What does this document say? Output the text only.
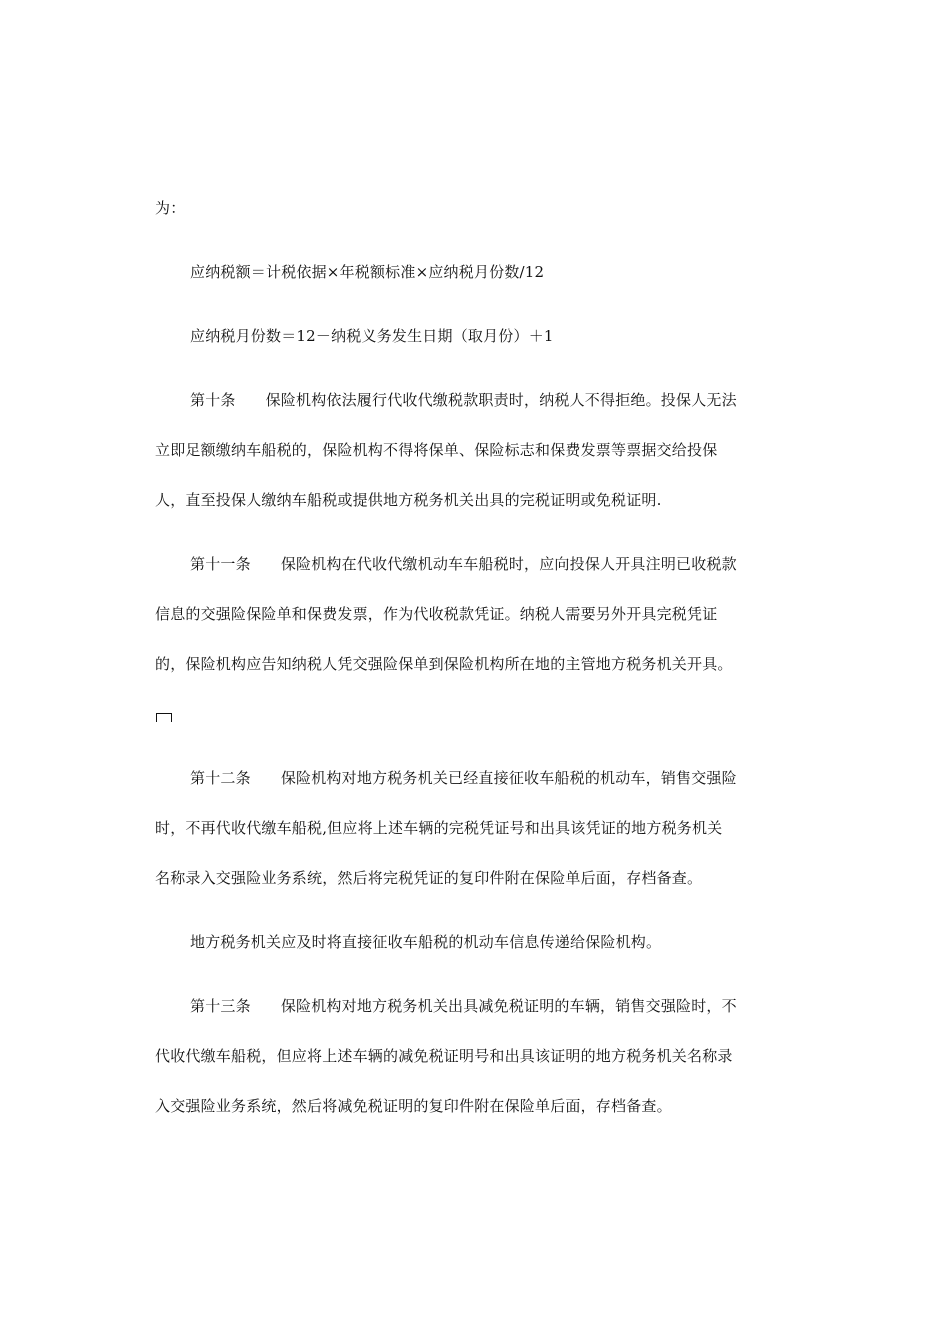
为：
应纳税额＝计税依据×年税额标准×应纳税月份数/12
应纳税月份数＝12－纳税义务发生日期（取月份）＋1
第十条 保险机构依法履行代收代缴税款职责时，纳税人不得拒绝。投保人无法
立即足额缴纳车船税的，保险机构不得将保单、保险标志和保费发票等票据交给投保
人，直至投保人缴纳车船税或提供地方税务机关出具的完税证明或免税证明.
第十一条 保险机构在代收代缴机动车车船税时，应向投保人开具注明已收税款
信息的交强险保险单和保费发票，作为代收税款凭证。纳税人需要另外开具完税凭证
的，保险机构应告知纳税人凭交强险保单到保险机构所在地的主管地方税务机关开具。
第十二条 保险机构对地方税务机关已经直接征收车船税的机动车，销售交强险
时，不再代收代缴车船税,但应将上述车辆的完税凭证号和出具该凭证的地方税务机关
名称录入交强险业务系统，然后将完税凭证的复印件附在保险单后面，存档备查。
地方税务机关应及时将直接征收车船税的机动车信息传递给保险机构。
第十三条 保险机构对地方税务机关出具减免税证明的车辆，销售交强险时，不
代收代缴车船税，但应将上述车辆的减免税证明号和出具该证明的地方税务机关名称录
入交强险业务系统，然后将减免税证明的复印件附在保险单后面，存档备查。
